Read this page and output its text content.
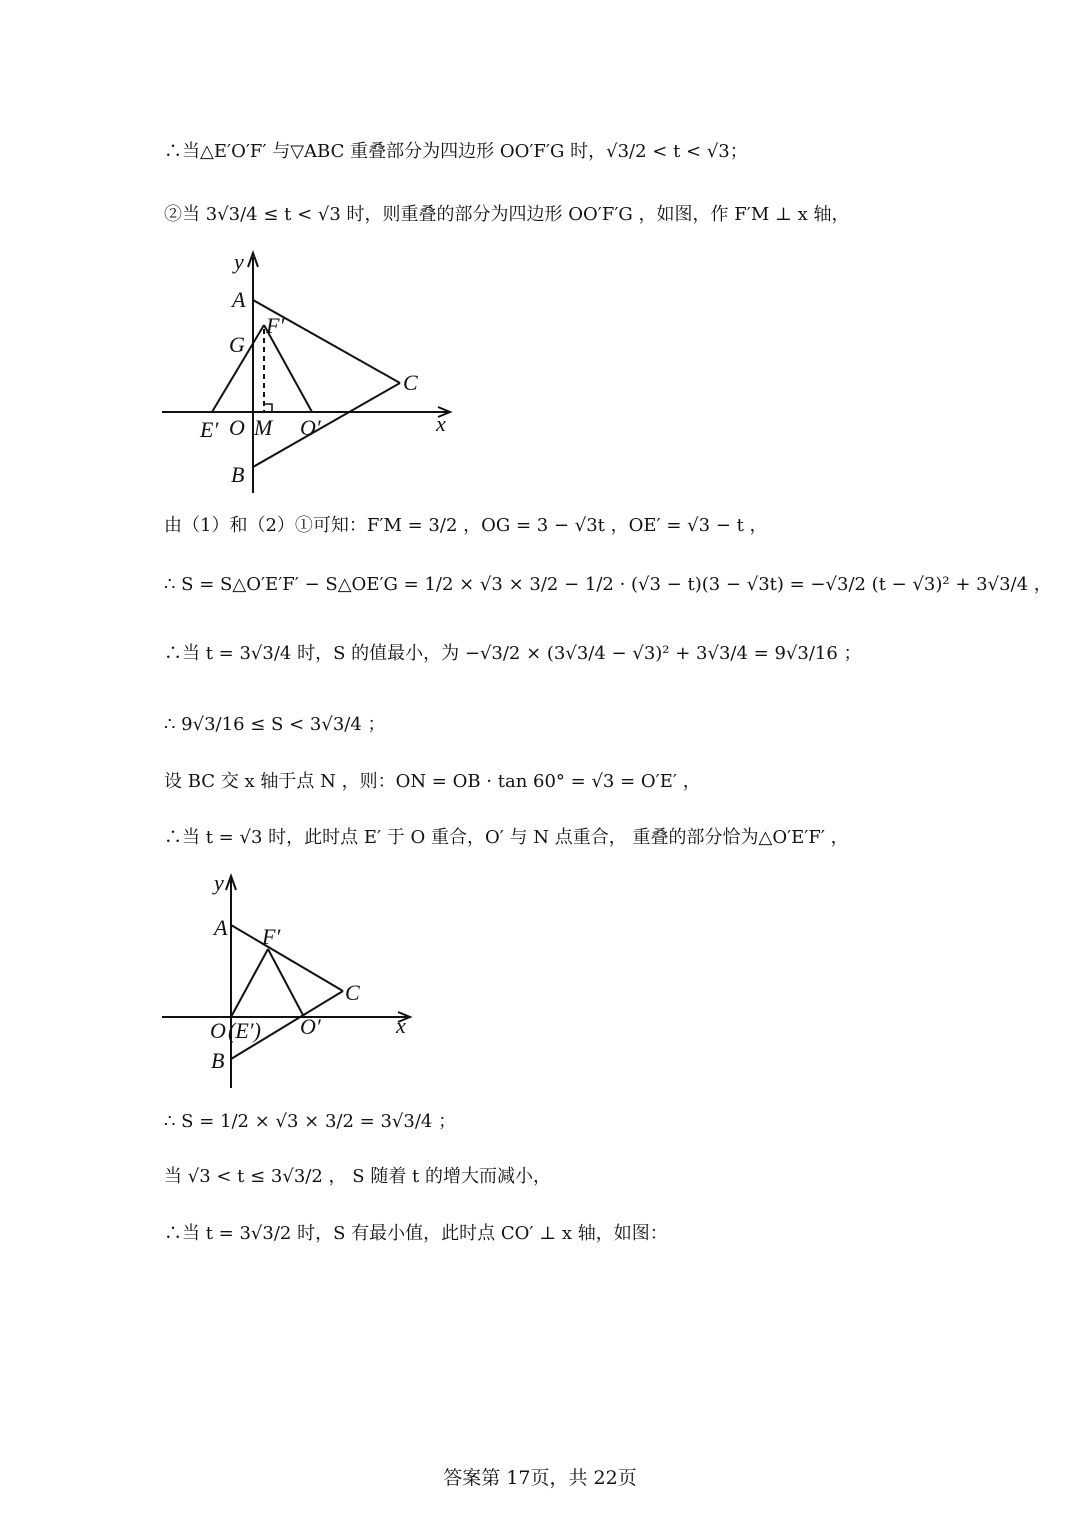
∴当△E′O′F′ 与▽ABC 重叠部分为四边形 OO′F′G 时，√3/2 < t < √3；
②当 3√3/4 ≤ t < √3 时，则重叠的部分为四边形 OO′F′G ，如图，作 F′M ⊥ x 轴，
由（1）和（2）①可知：F′M = 3/2 ，OG = 3 − √3t ，OE′ = √3 − t ，
∴ S = S△O′E′F′ − S△OE′G = 1/2 × √3 × 3/2 − 1/2 · (√3 − t)(3 − √3t) = −√3/2 (t − √3)² + 3√3/4 ，
∴当 t = 3√3/4 时，S 的值最小，为 −√3/2 × (3√3/4 − √3)² + 3√3/4 = 9√3/16 ；
∴ 9√3/16 ≤ S < 3√3/4 ；
设 BC 交 x 轴于点 N ，则：ON = OB · tan 60° = √3 = O′E′ ，
∴当 t = √3 时，此时点 E′ 于 O 重合，O′ 与 N 点重合， 重叠的部分恰为△O′E′F′ ，
∴ S = 1/2 × √3 × 3/2 = 3√3/4 ；
当 √3 < t ≤ 3√3/2 ， S 随着 t 的增大而减小，
∴当 t = 3√3/2 时，S 有最小值，此时点 CO′ ⊥ x 轴，如图：
y
x
A
F′
G
C
E′ O M O′
B
y
x
A F′
C
O (E′) O′
B
答案第 17页，共 22页
